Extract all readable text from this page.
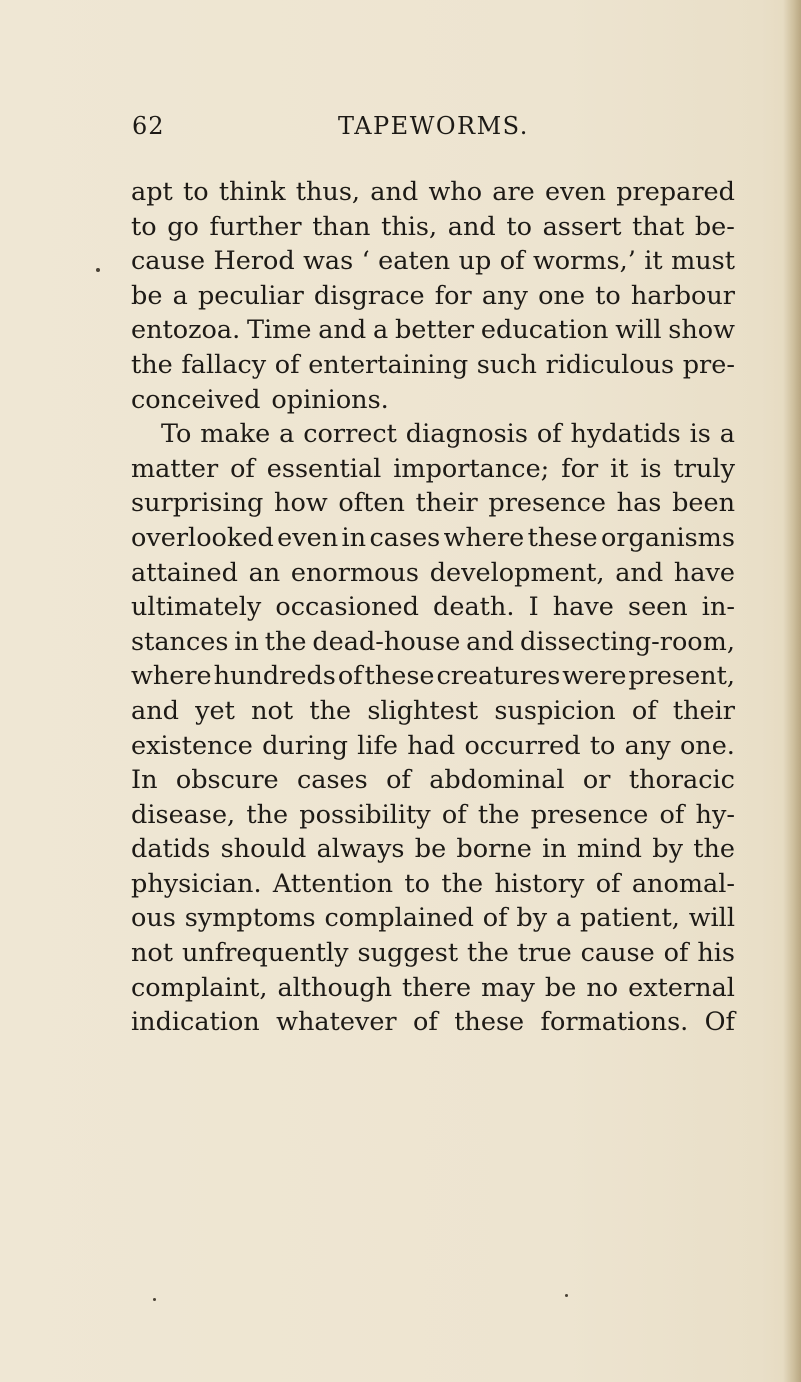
62	TAPEWORMS.
apt to think thus, and who are even prepared
to go further than this, and to assert that be-
cause Herod was ‘ eaten up of worms,’ it must
be a peculiar disgrace for any one to harbour
entozoa. Time and a better education will show
the fallacy of entertaining such ridiculous pre-
conceived opinions.
To make a correct diagnosis of hydatids is a
matter of essential importance; for it is truly
surprising how often their presence has been
overlooked even in cases where these organisms
attained an enormous development, and have
ultimately occasioned death. I have seen in-
stances in the dead-house and dissecting-room,
where hundreds of these creatures were present,
and yet not the slightest suspicion of their
existence during life had occurred to any one.
In obscure cases of abdominal or thoracic
disease, the possibility of the presence of hy-
datids should always be borne in mind by the
physician. Attention to the history of anomal-
ous symptoms complained of by a patient, will
not unfrequently suggest the true cause of his
complaint, although there may be no external
indication whatever of these formations. Of
